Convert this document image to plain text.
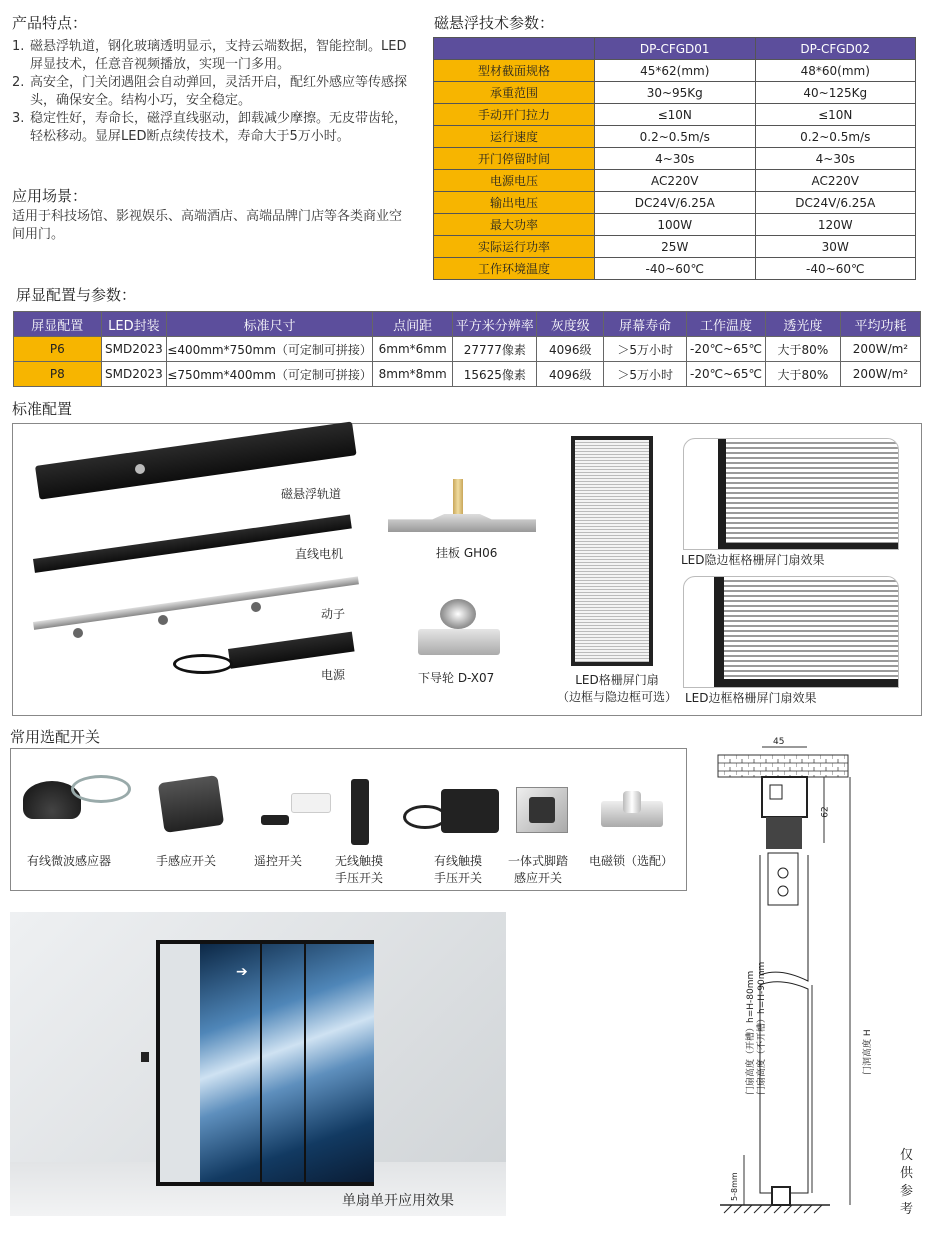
产品特点：
1. 磁悬浮轨道，钢化玻璃透明显示，支持云端数据，智能控制。LED屏显技术，任意音视频播放，实现一门多用。
2. 高安全，门关闭遇阻会自动弹回，灵活开启，配红外感应等传感探头，确保安全。结构小巧，安全稳定。
3. 稳定性好，寿命长，磁浮直线驱动，卸载减少摩擦。无皮带齿轮，轻松移动。显屏LED断点续传技术，寿命大于5万小时。
应用场景：
适用于科技场馆、影视娱乐、高端酒店、高端品牌门店等各类商业空间用门。
磁悬浮技术参数：
	DP-CFGD01	DP-CFGD02
型材截面规格	45*62(mm)	48*60(mm)
承重范围	30~95Kg	40~125Kg
手动开门拉力	≤10N	≤10N
运行速度	0.2~0.5m/s	0.2~0.5m/s
开门停留时间	4~30s	4~30s
电源电压	AC220V	AC220V
输出电压	DC24V/6.25A	DC24V/6.25A
最大功率	100W	120W
实际运行功率	25W	30W
工作环境温度	-40~60℃	-40~60℃
屏显配置与参数：
屏显配置	LED封装	标准尺寸	点间距	平方米分辨率	灰度级	屏幕寿命	工作温度	透光度	平均功耗
P6	SMD2023	≤400mm*750mm（可定制可拼接）	6mm*6mm	27777像素	4096级	＞5万小时	-20℃~65℃	大于80%	200W/m²
P8	SMD2023	≤750mm*400mm（可定制可拼接）	8mm*8mm	15625像素	4096级	＞5万小时	-20℃~65℃	大于80%	200W/m²
标准配置
磁悬浮轨道
直线电机
动子
电源
挂板 GH06
下导轮 D-X07	LED格栅屏门扇
（边框与隐边框可选）
LED隐边框格栅屏门扇效果
LED边框格栅屏门扇效果
常用选配开关
有线微波感应器	手感应开关	遥控开关	无线触摸
手压开关
有线触摸
手压开关
一体式脚踏
感应开关
电磁锁（选配）
➔
单扇单开应用效果
45
62
门扇高度（开槽）h=H-80mm 门扇高度（不开槽）h=H-90mm	门洞高度 H
5-8mm
仅供参考
